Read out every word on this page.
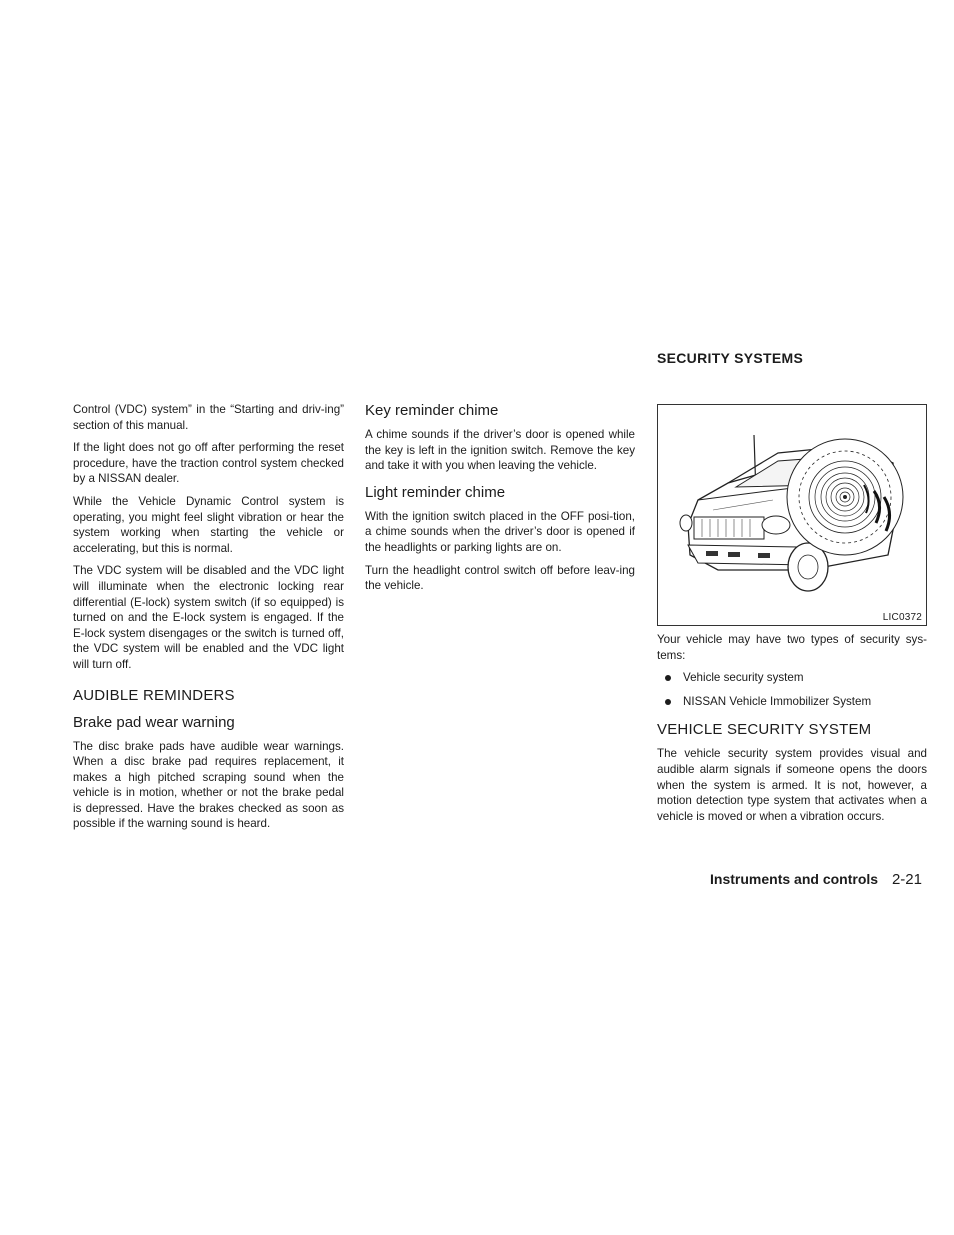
Control (VDC) system” in the “Starting and driv-ing” section of this manual.

If the light does not go off after performing the reset procedure, have the traction control system checked by a NISSAN dealer.

While the Vehicle Dynamic Control system is operating, you might feel slight vibration or hear the system working when starting the vehicle or accelerating, but this is normal.

The VDC system will be disabled and the VDC light will illuminate when the electronic locking rear differential (E-lock) system switch (if so equipped) is turned on and the E-lock system is engaged. If the E-lock system disengages or the switch is turned off, the VDC system will be enabled and the VDC light will turn off.

AUDIBLE REMINDERS
Brake pad wear warning

The disc brake pads have audible wear warnings. When a disc brake pad requires replacement, it makes a high pitched scraping sound when the vehicle is in motion, whether or not the brake pedal is depressed. Have the brakes checked as soon as possible if the warning sound is heard.

Key reminder chime

A chime sounds if the driver’s door is opened while the key is left in the ignition switch. Remove the key and take it with you when leaving the vehicle.

Light reminder chime

With the ignition switch placed in the OFF posi-tion, a chime sounds when the driver’s door is opened if the headlights or parking lights are on.

Turn the headlight control switch off before leav-ing the vehicle.

SECURITY SYSTEMS
LIC0372

Your vehicle may have two types of security sys-tems:

Vehicle security system
NISSAN Vehicle Immobilizer System
VEHICLE SECURITY SYSTEM

The vehicle security system provides visual and audible alarm signals if someone opens the doors when the system is armed. It is not, however, a motion detection type system that activates when a vehicle is moved or when a vibration occurs.

Instruments and controls 2-21
